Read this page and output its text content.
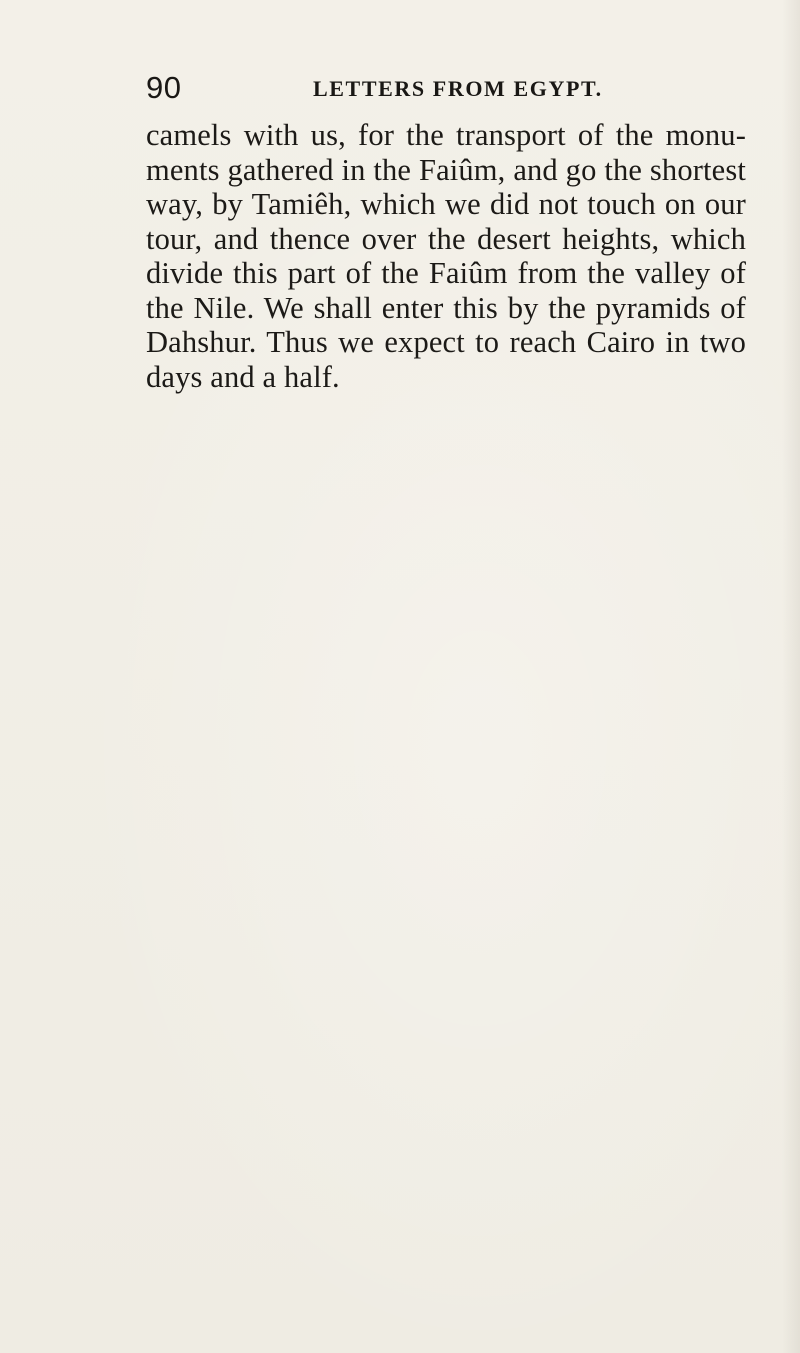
90	LETTERS FROM EGYPT.
camels with us, for the transport of the monu-
ments gathered in the Faiûm, and go the shortest
way, by Tamiêh, which we did not touch on our
tour, and thence over the desert heights, which
divide this part of the Faiûm from the valley of
the Nile. We shall enter this by the pyramids of
Dahshur. Thus we expect to reach Cairo in two
days and a half.
